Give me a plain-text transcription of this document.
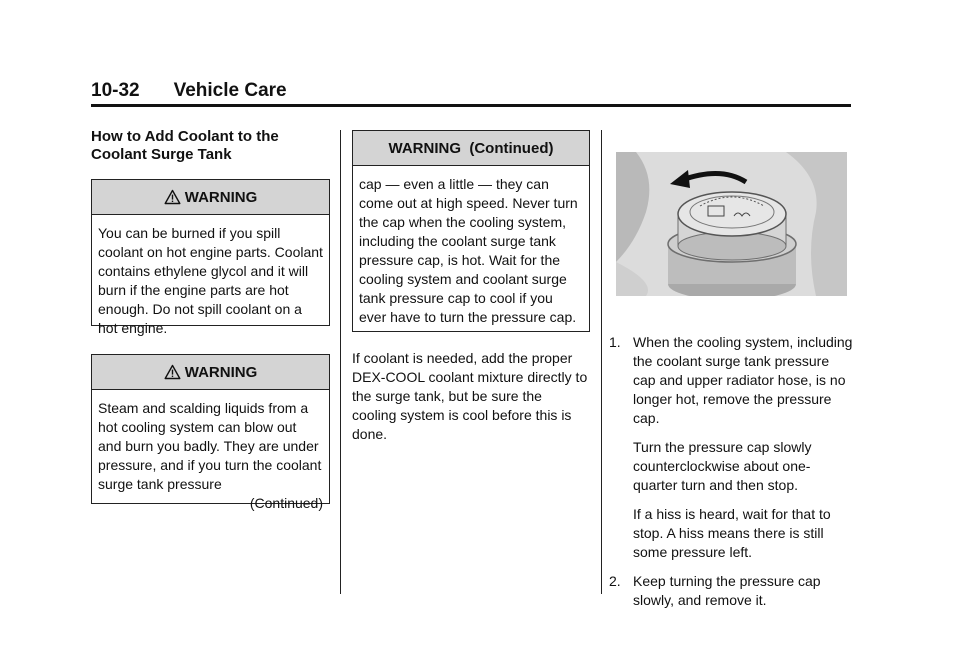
10-32 Vehicle Care
How to Add Coolant to the Coolant Surge Tank
WARNING

You can be burned if you spill coolant on hot engine parts. Coolant contains ethylene glycol and it will burn if the engine parts are hot enough. Do not spill coolant on a hot engine.

WARNING

Steam and scalding liquids from a hot cooling system can blow out and burn you badly. They are under pressure, and if you turn the coolant surge tank pressure

(Continued)

WARNING  (Continued)

cap — even a little — they can come out at high speed. Never turn the cap when the cooling system, including the coolant surge tank pressure cap, is hot. Wait for the cooling system and coolant surge tank pressure cap to cool if you ever have to turn the pressure cap.

If coolant is needed, add the proper DEX-COOL coolant mixture directly to the surge tank, but be sure the cooling system is cool before this is done.

1. When the cooling system, including the coolant surge tank pressure cap and upper radiator hose, is no longer hot, remove the pressure cap.

Turn the pressure cap slowly counterclockwise about one-quarter turn and then stop.

If a hiss is heard, wait for that to stop. A hiss means there is still some pressure left.

2. Keep turning the pressure cap slowly, and remove it.
